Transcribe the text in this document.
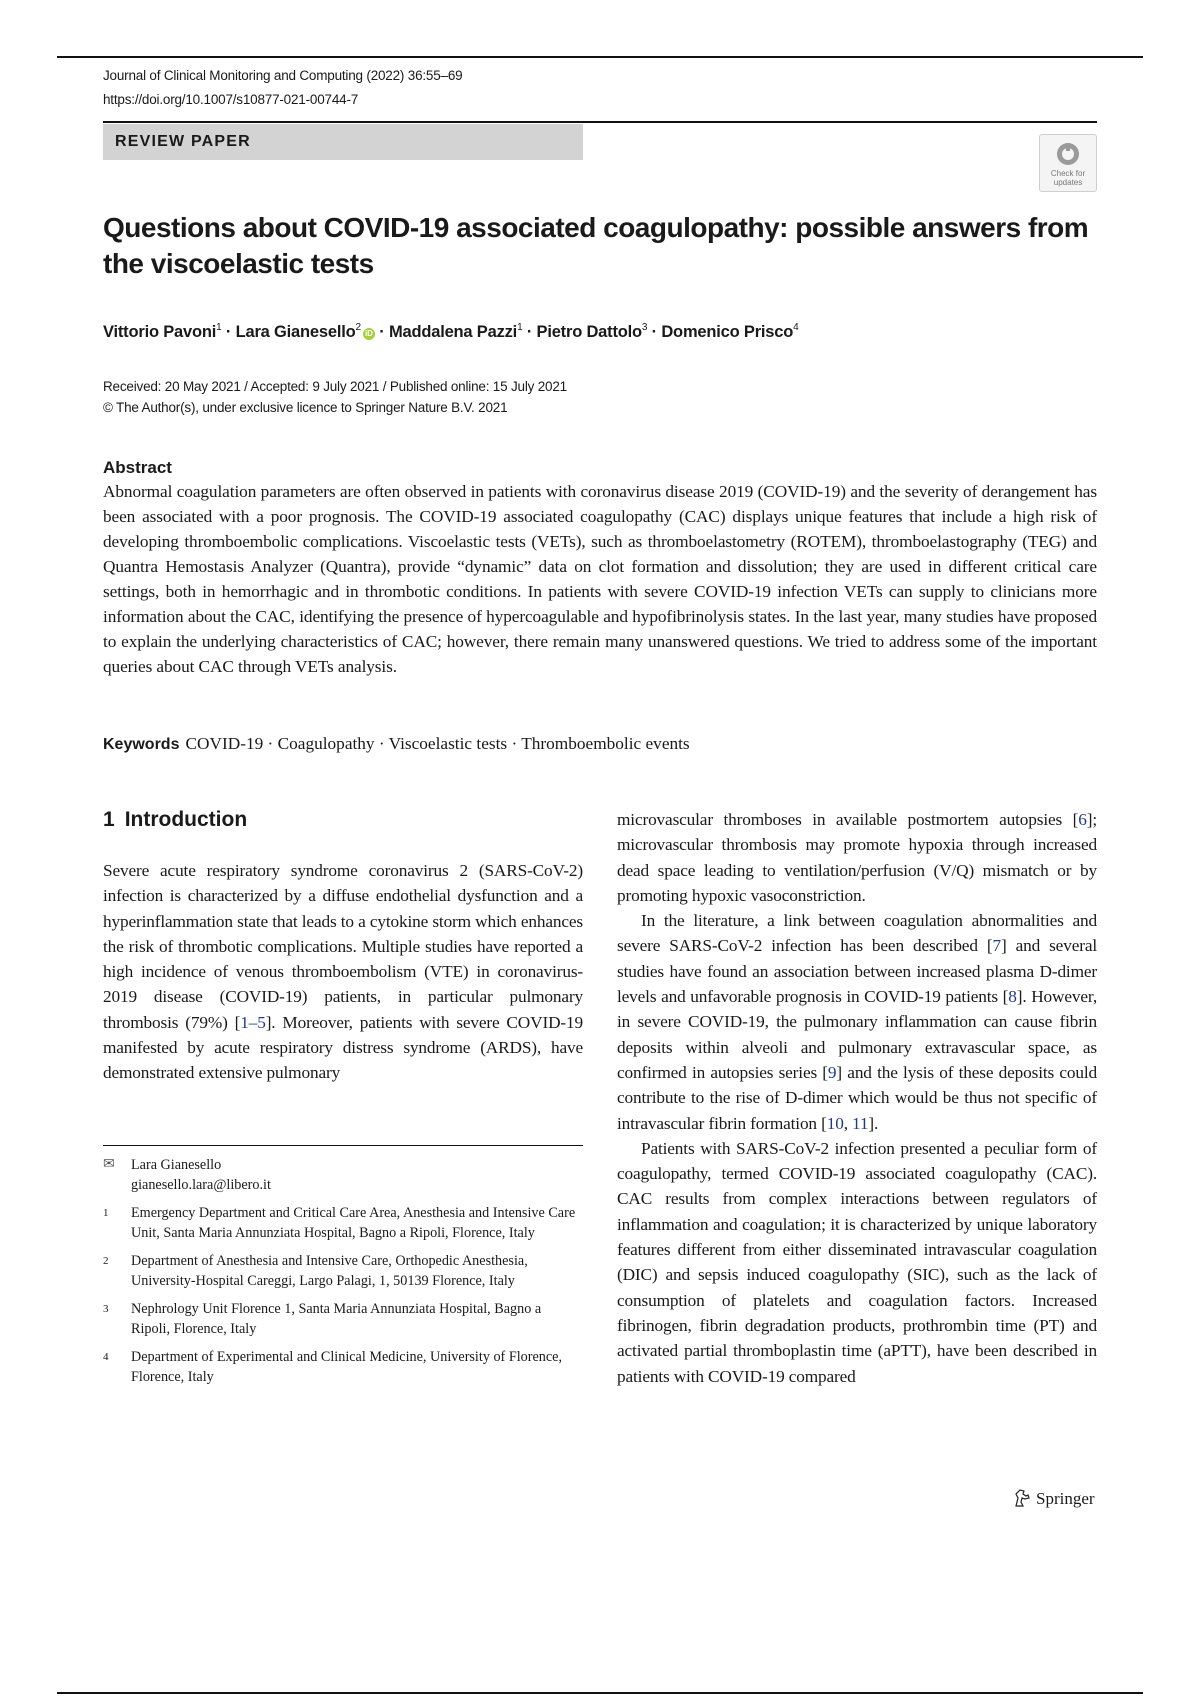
Journal of Clinical Monitoring and Computing (2022) 36:55–69
https://doi.org/10.1007/s10877-021-00744-7
REVIEW PAPER
Check for updates
Questions about COVID-19 associated coagulopathy: possible answers from the viscoelastic tests
Vittorio Pavoni$^1$ · Lara Gianesello$^2$iD · Maddalena Pazzi$^1$ · Pietro Dattolo$^3$ · Domenico Prisco$^4$
Received: 20 May 2021 / Accepted: 9 July 2021 / Published online: 15 July 2021
© The Author(s), under exclusive licence to Springer Nature B.V. 2021
Abstract

Abnormal coagulation parameters are often observed in patients with coronavirus disease 2019 (COVID-19) and the severity of derangement has been associated with a poor prognosis. The COVID-19 associated coagulopathy (CAC) displays unique features that include a high risk of developing thromboembolic complications. Viscoelastic tests (VETs), such as thromboelastometry (ROTEM), thromboelastography (TEG) and Quantra Hemostasis Analyzer (Quantra), provide “dynamic” data on clot formation and dissolution; they are used in different critical care settings, both in hemorrhagic and in thrombotic conditions. In patients with severe COVID-19 infection VETs can supply to clinicians more information about the CAC, identifying the presence of hypercoagulable and hypofibrinolysis states. In the last year, many studies have proposed to explain the underlying characteristics of CAC; however, there remain many unanswered questions. We tried to address some of the important queries about CAC through VETs analysis.

Keywords COVID-19 · Coagulopathy · Viscoelastic tests · Thromboembolic events
1 Introduction

Severe acute respiratory syndrome coronavirus 2 (SARS-CoV-2) infection is characterized by a diffuse endothelial dysfunction and a hyperinflammation state that leads to a cytokine storm which enhances the risk of thrombotic complications. Multiple studies have reported a high incidence of venous thromboembolism (VTE) in coronavirus-2019 disease (COVID-19) patients, in particular pulmonary thrombosis (79%) [1–5]. Moreover, patients with severe COVID-19 manifested by acute respiratory distress syndrome (ARDS), have demonstrated extensive pulmonary

microvascular thromboses in available postmortem autopsies [6]; microvascular thrombosis may promote hypoxia through increased dead space leading to ventilation/perfusion (V/Q) mismatch or by promoting hypoxic vasoconstriction.

In the literature, a link between coagulation abnormalities and severe SARS-CoV-2 infection has been described [7] and several studies have found an association between increased plasma D-dimer levels and unfavorable prognosis in COVID-19 patients [8]. However, in severe COVID-19, the pulmonary inflammation can cause fibrin deposits within alveoli and pulmonary extravascular space, as confirmed in autopsies series [9] and the lysis of these deposits could contribute to the rise of D-dimer which would be thus not specific of intravascular fibrin formation [10, 11].

Patients with SARS-CoV-2 infection presented a peculiar form of coagulopathy, termed COVID-19 associated coagulopathy (CAC). CAC results from complex interactions between regulators of inflammation and coagulation; it is characterized by unique laboratory features different from either disseminated intravascular coagulation (DIC) and sepsis induced coagulopathy (SIC), such as the lack of consumption of platelets and coagulation factors. Increased fibrinogen, fibrin degradation products, prothrombin time (PT) and activated partial thromboplastin time (aPTT), have been described in patients with COVID-19 compared

✉	Lara Gianesello
gianesello.lara@libero.it
1	Emergency Department and Critical Care Area, Anesthesia and Intensive Care Unit, Santa Maria Annunziata Hospital, Bagno a Ripoli, Florence, Italy
2	Department of Anesthesia and Intensive Care, Orthopedic Anesthesia, University-Hospital Careggi, Largo Palagi, 1, 50139 Florence, Italy
3	Nephrology Unit Florence 1, Santa Maria Annunziata Hospital, Bagno a Ripoli, Florence, Italy
4	Department of Experimental and Clinical Medicine, University of Florence, Florence, Italy
Springer
